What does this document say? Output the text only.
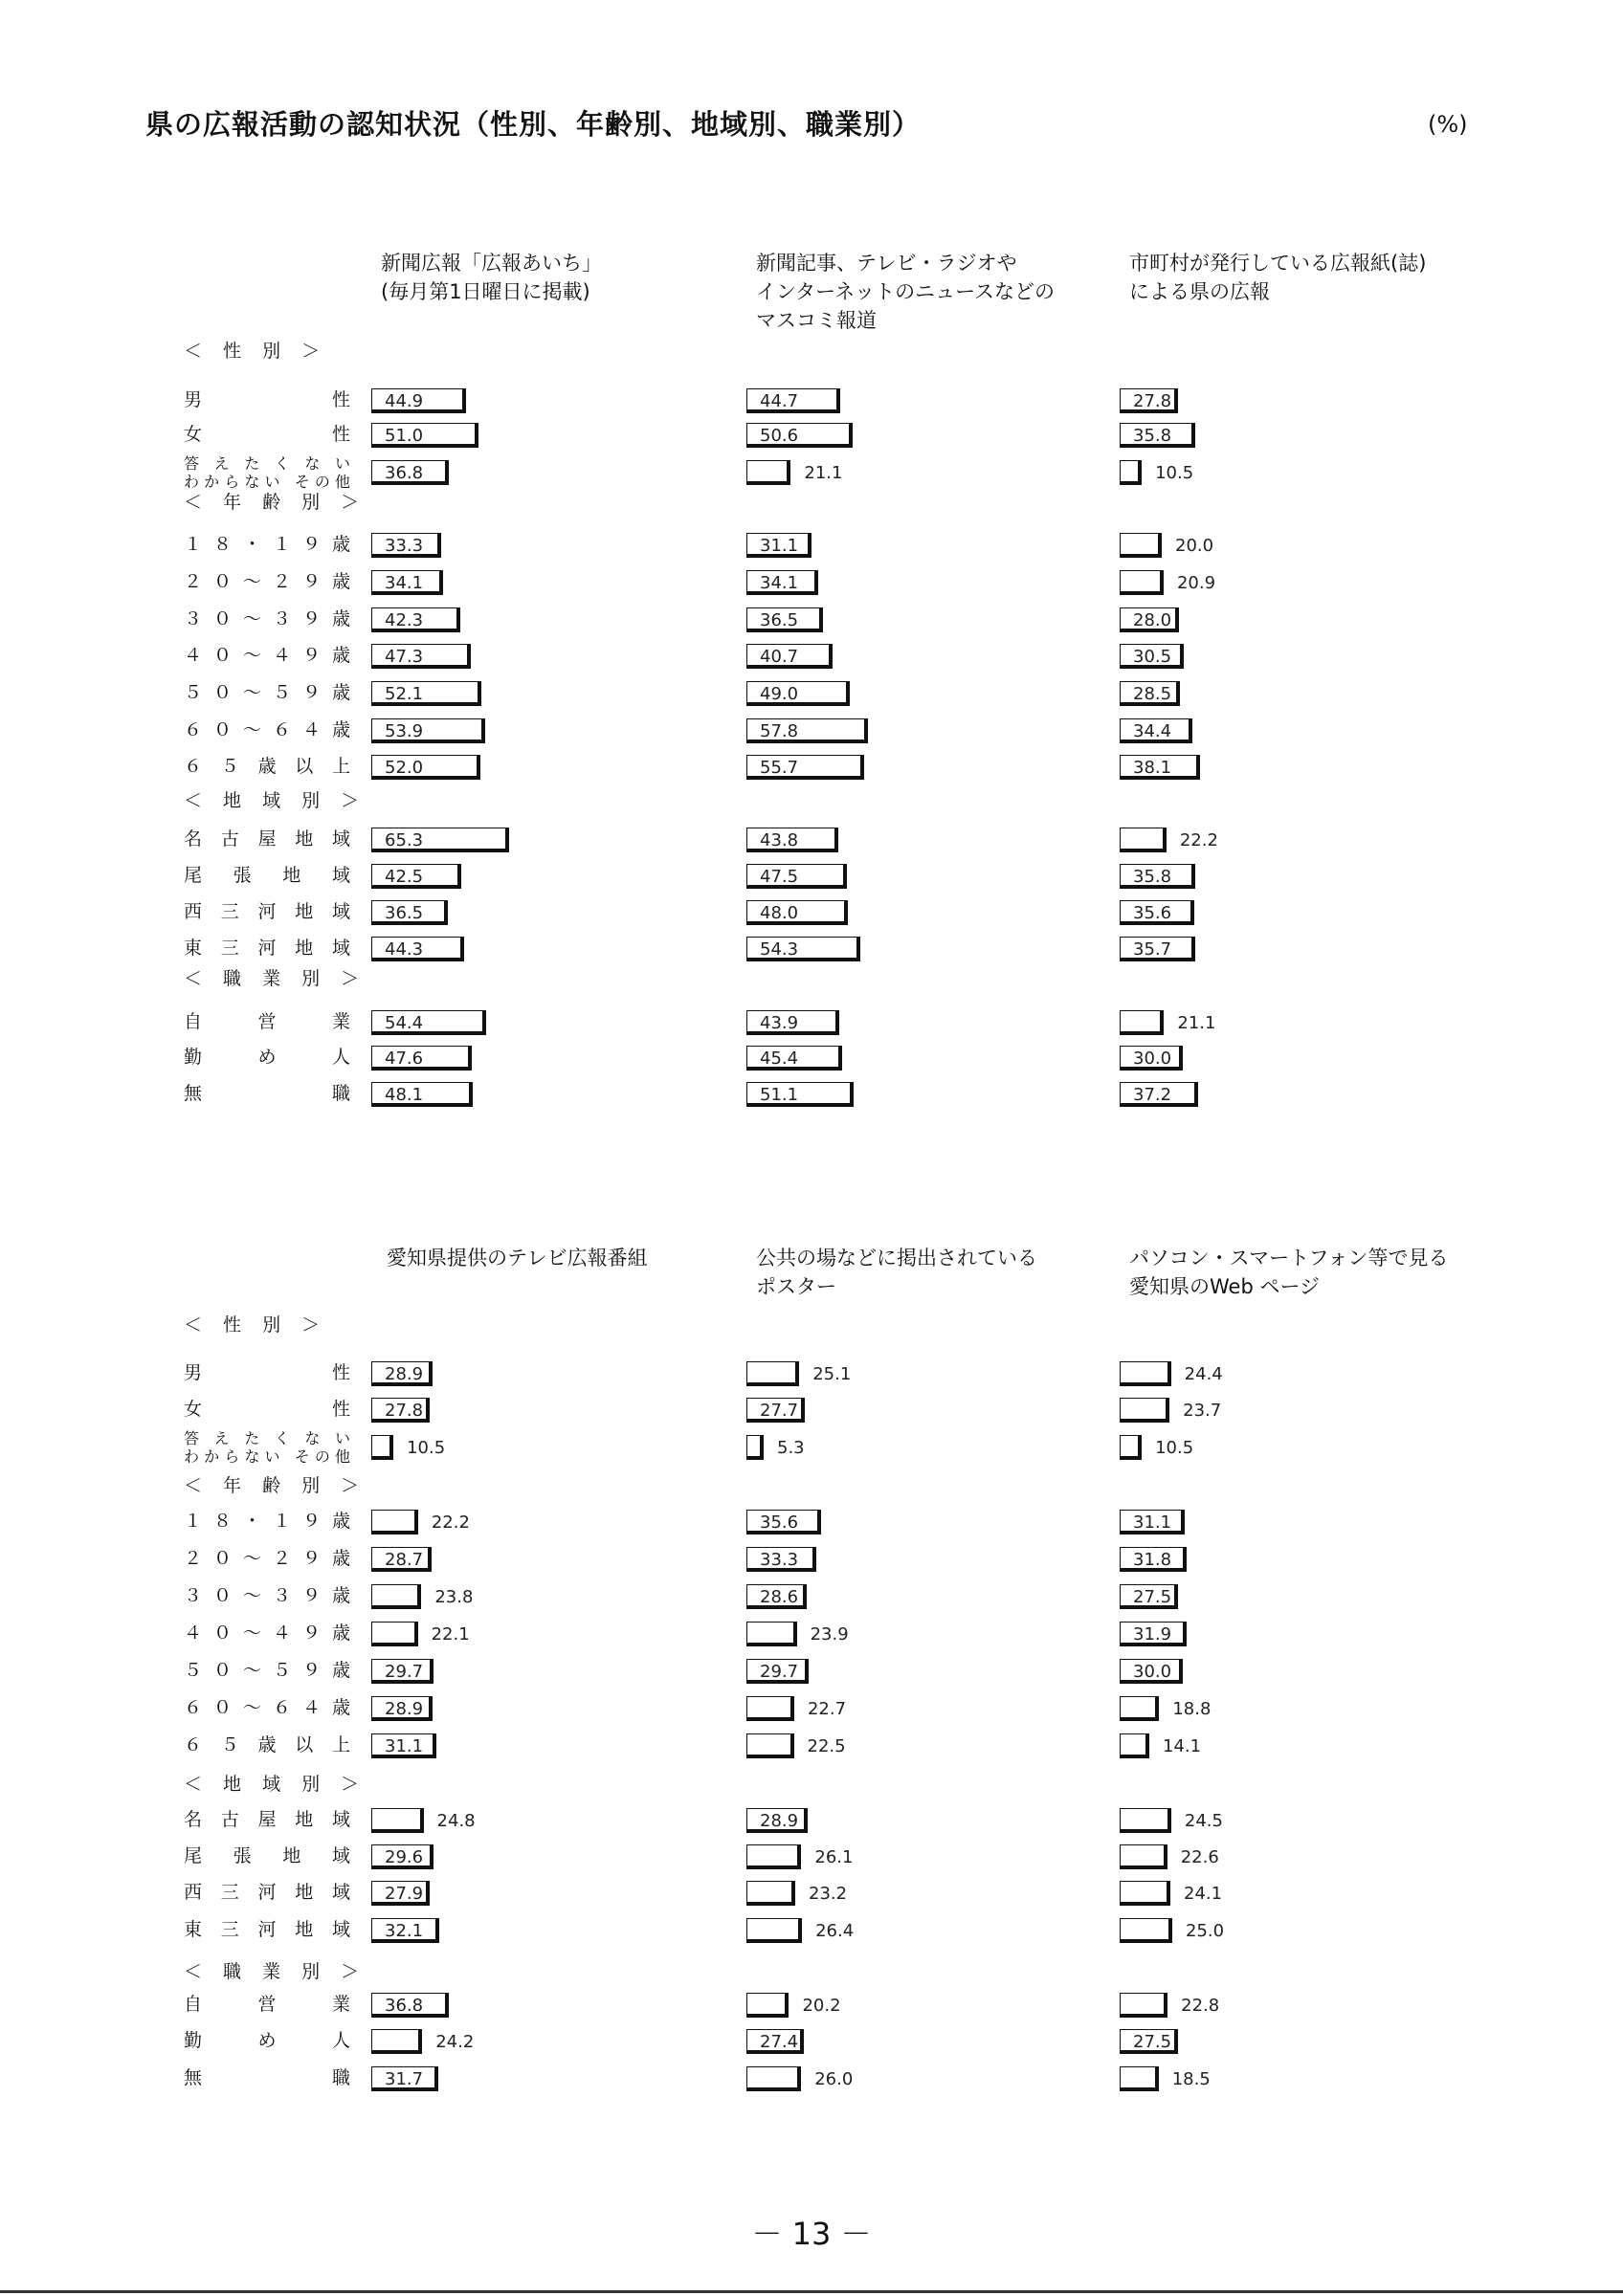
県の広報活動の認知状況（性別、年齢別、地域別、職業別）	(%)
＜ 性 別 ＞
＜ 年 齢 別 ＞
＜ 地 域 別 ＞
＜ 職 業 別 ＞
男　　　　　性
女　　　　　性
答えたくない
わからない その他
１８・１９歳
２０～２９歳
３０～３９歳
４０～４９歳
５０～５９歳
６０～６４歳
６５歳以上
名古屋地域
尾張地域
西三河地域
東三河地域
自営業
勤め人
無職
新聞広報「広報あいち」
(毎月第1日曜日に掲載)
44.9
51.0
36.8
33.3
34.1
42.3
47.3
52.1
53.9
52.0
65.3
42.5
36.5
44.3
54.4
47.6
48.1
新聞記事、テレビ・ラジオや
インターネットのニュースなどの
マスコミ報道
44.7
50.6
21.1
31.1
34.1
36.5
40.7
49.0
57.8
55.7
43.8
47.5
48.0
54.3
43.9
45.4
51.1
市町村が発行している広報紙(誌)
による県の広報
27.8
35.8
10.5
20.0
20.9
28.0
30.5
28.5
34.4
38.1
22.2
35.8
35.6
35.7
21.1
30.0
37.2
＜ 性 別 ＞
＜ 年 齢 別 ＞
＜ 地 域 別 ＞
＜ 職 業 別 ＞
男　　　　　性
女　　　　　性
答えたくない
わからない その他
１８・１９歳
２０～２９歳
３０～３９歳
４０～４９歳
５０～５９歳
６０～６４歳
６５歳以上
名古屋地域
尾張地域
西三河地域
東三河地域
自営業
勤め人
無職
愛知県提供のテレビ広報番組
28.9
27.8
10.5
22.2
28.7
23.8
22.1
29.7
28.9
31.1
24.8
29.6
27.9
32.1
36.8
24.2
31.7
公共の場などに掲出されている
ポスター
25.1
27.7
5.3
35.6
33.3
28.6
23.9
29.7
22.7
22.5
28.9
26.1
23.2
26.4
20.2
27.4
26.0
パソコン・スマートフォン等で見る
愛知県のWeb ページ
24.4
23.7
10.5
31.1
31.8
27.5
31.9
30.0
18.8
14.1
24.5
22.6
24.1
25.0
22.8
27.5
18.5
－ 13 －
